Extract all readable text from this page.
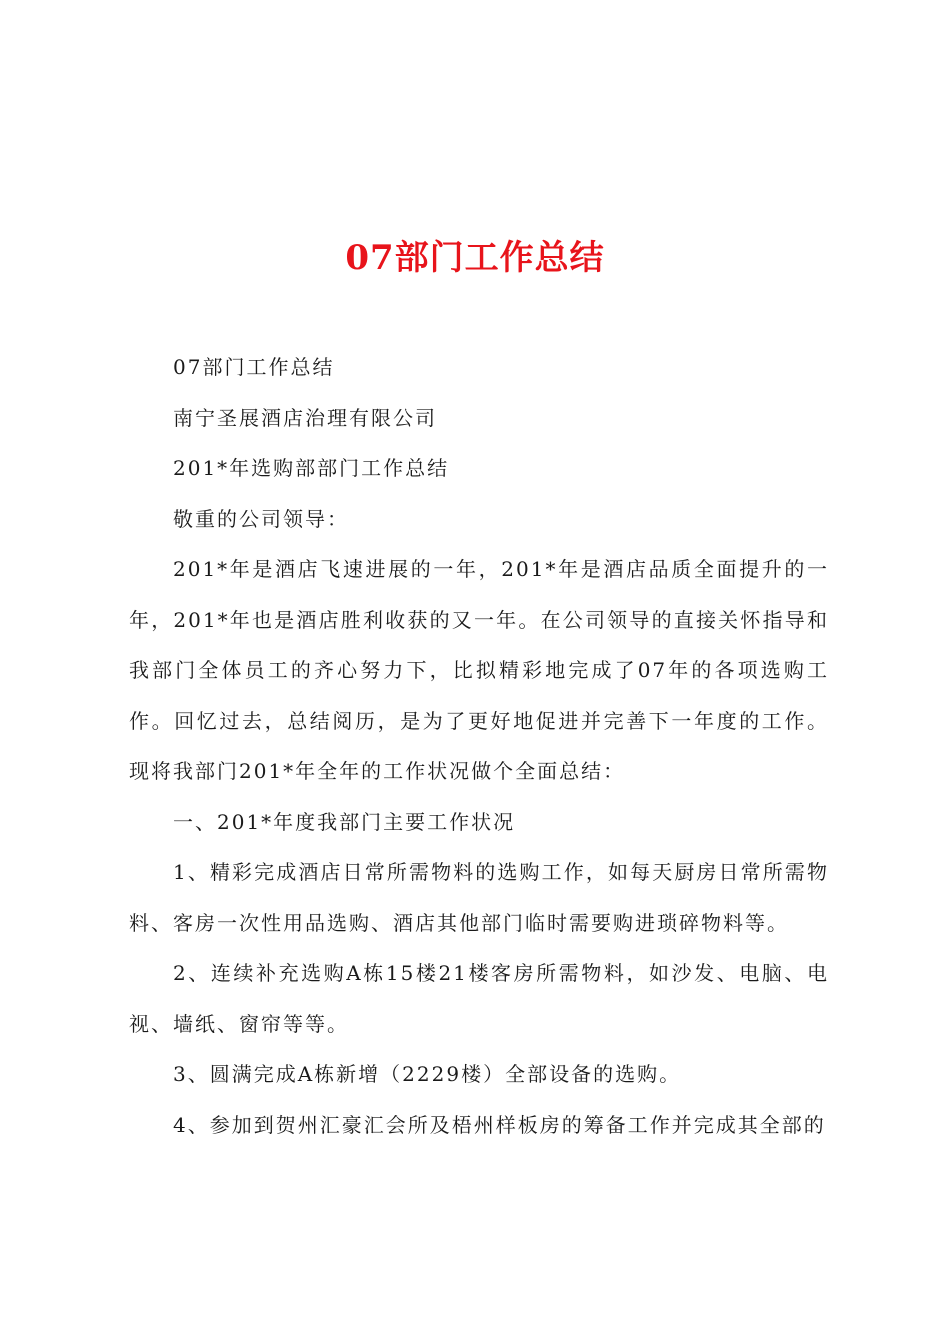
07部门工作总结

07部门工作总结

南宁圣展酒店治理有限公司

201*年选购部部门工作总结

敬重的公司领导：

201*年是酒店飞速进展的一年，201*年是酒店品质全面提升的一年，201*年也是酒店胜利收获的又一年。在公司领导的直接关怀指导和我部门全体员工的齐心努力下，比拟精彩地完成了07年的各项选购工作。回忆过去，总结阅历，是为了更好地促进并完善下一年度的工作。现将我部门201*年全年的工作状况做个全面总结：

一、201*年度我部门主要工作状况

1、精彩完成酒店日常所需物料的选购工作，如每天厨房日常所需物料、客房一次性用品选购、酒店其他部门临时需要购进琐碎物料等。

2、连续补充选购A栋15楼21楼客房所需物料，如沙发、电脑、电视、墙纸、窗帘等等。

3、圆满完成A栋新增（2229楼）全部设备的选购。

4、参加到贺州汇豪汇会所及梧州样板房的筹备工作并完成其全部的
